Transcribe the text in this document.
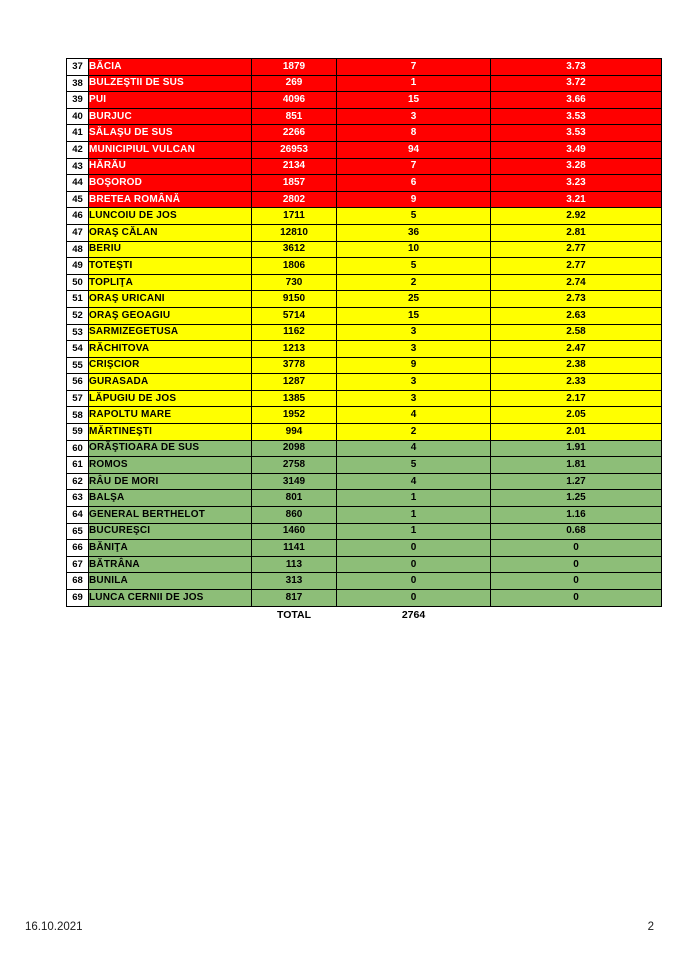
37	BĂCIA	1879	7	3.73
38	BULZEŞTII DE SUS	269	1	3.72
39	PUI	4096	15	3.66
40	BURJUC	851	3	3.53
41	SĂLAŞU DE SUS	2266	8	3.53
42	MUNICIPIUL VULCAN	26953	94	3.49
43	HĂRĂU	2134	7	3.28
44	BOŞOROD	1857	6	3.23
45	BRETEA ROMÂNĂ	2802	9	3.21
46	LUNCOIU DE JOS	1711	5	2.92
47	ORAŞ CĂLAN	12810	36	2.81
48	BERIU	3612	10	2.77
49	TOTEŞTI	1806	5	2.77
50	TOPLIŢA	730	2	2.74
51	ORAŞ URICANI	9150	25	2.73
52	ORAŞ GEOAGIU	5714	15	2.63
53	SARMIZEGETUSA	1162	3	2.58
54	RĂCHITOVA	1213	3	2.47
55	CRIŞCIOR	3778	9	2.38
56	GURASADA	1287	3	2.33
57	LĂPUGIU DE JOS	1385	3	2.17
58	RAPOLTU MARE	1952	4	2.05
59	MĂRTINEŞTI	994	2	2.01
60	ORĂŞTIOARA DE SUS	2098	4	1.91
61	ROMOS	2758	5	1.81
62	RÂU DE MORI	3149	4	1.27
63	BALŞA	801	1	1.25
64	GENERAL BERTHELOT	860	1	1.16
65	BUCUREŞCI	1460	1	0.68
66	BĂNIŢA	1141	0	0
67	BĂTRÂNA	113	0	0
68	BUNILA	313	0	0
69	LUNCA CERNII DE JOS	817	0	0
		TOTAL	2764	
16.10.2021	2
